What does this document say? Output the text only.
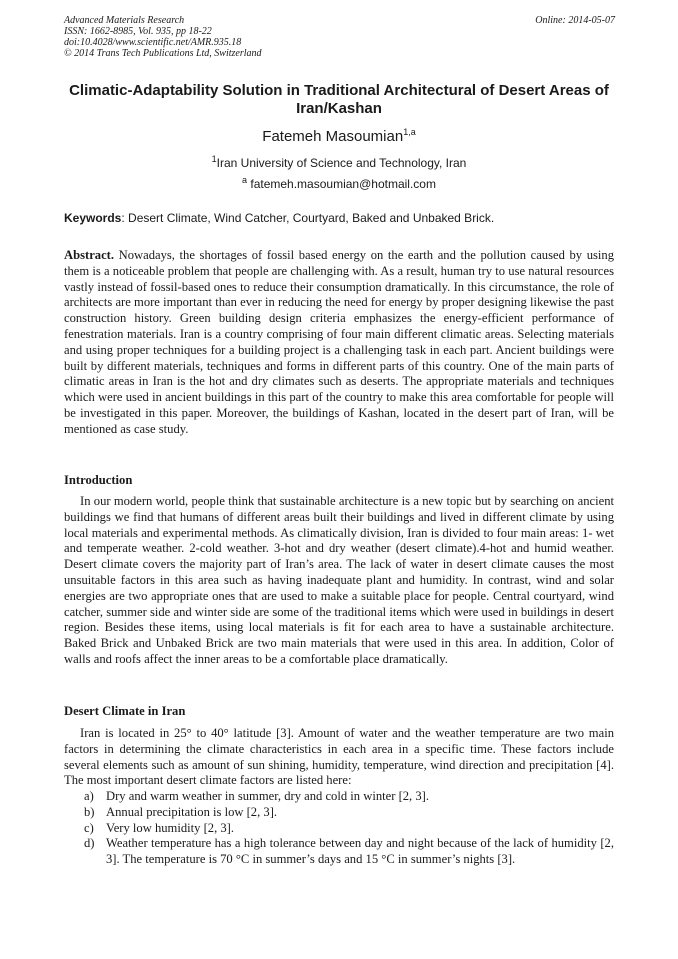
Advanced Materials Research
ISSN: 1662-8985, Vol. 935, pp 18-22
doi:10.4028/www.scientific.net/AMR.935.18
© 2014 Trans Tech Publications Ltd, Switzerland
Online: 2014-05-07
Climatic-Adaptability Solution in Traditional Architectural of Desert Areas of Iran/Kashan
Fatemeh Masoumian$^{1,a}$
$^1$Iran University of Science and Technology, Iran
$^a$ fatemeh.masoumian@hotmail.com
Keywords: Desert Climate, Wind Catcher, Courtyard, Baked and Unbaked Brick.

Abstract. Nowadays, the shortages of fossil based energy on the earth and the pollution caused by using them is a noticeable problem that people are challenging with. As a result, human try to use natural resources vastly instead of fossil-based ones to reduce their consumption dramatically. In this circumstance, the role of architects are more important than ever in reducing the need for energy by proper designing likewise the past construction history. Green building design criteria emphasizes the energy-efficient performance of fenestration materials. Iran is a country comprising of four main different climatic areas. Selecting materials and using proper techniques for a building project is a challenging task in each part. Ancient buildings were built by different materials, techniques and forms in different parts of this country. One of the main parts of climatic areas in Iran is the hot and dry climates such as deserts. The appropriate materials and techniques which were used in ancient buildings in this part of the country to make this area comfortable for people will be investigated in this paper. Moreover, the buildings of Kashan, located in the desert part of Iran, will be mentioned as case study.

Introduction

In our modern world, people think that sustainable architecture is a new topic but by searching on ancient buildings we find that humans of different areas built their buildings and lived in different climate by using local materials and experimental methods. As climatically division, Iran is divided to four main areas: 1- wet and temperate weather. 2-cold weather. 3-hot and dry weather (desert climate).4-hot and humid weather. Desert climate covers the majority part of Iran’s area. The lack of water in desert climate causes the most unsuitable factors in this area such as having inadequate plant and humidity. In contrast, wind and solar energies are two appropriate ones that are used to make a suitable place for people. Central courtyard, wind catcher, summer side and winter side are some of the traditional items which were used in buildings in desert region. Besides these items, using local materials is fit for each area to have a sustainable architecture. Baked Brick and Unbaked Brick are two main materials that were used in this area. In addition, Color of walls and roofs affect the inner areas to be a comfortable place dramatically.

Desert Climate in Iran

Iran is located in 25° to 40° latitude [3]. Amount of water and the weather temperature are two main factors in determining the climate characteristics in each area in a specific time. These factors include several elements such as amount of sun shining, humidity, temperature, wind direction and precipitation [4]. The most important desert climate factors are listed here:

a) Dry and warm weather in summer, dry and cold in winter [2, 3].
b) Annual precipitation is low [2, 3].
c) Very low humidity [2, 3].
d) Weather temperature has a high tolerance between day and night because of the lack of humidity [2, 3]. The temperature is 70 °C in summer’s days and 15 °C in summer’s nights [3].
